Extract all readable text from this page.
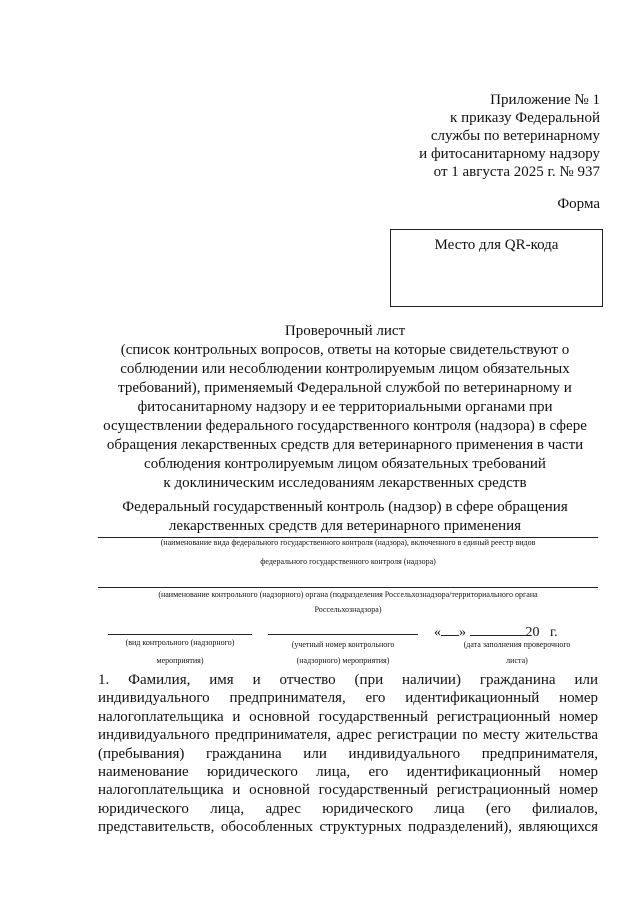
Приложение № 1
к приказу Федеральной
службы по ветеринарному
и фитосанитарному надзору
от 1 августа 2025 г. № 937
Форма
Место для QR-кода
Проверочный лист
(список контрольных вопросов, ответы на которые свидетельствуют о
соблюдении или несоблюдении контролируемым лицом обязательных
требований), применяемый Федеральной службой по ветеринарному и
фитосанитарному надзору и ее территориальными органами при
осуществлении федерального государственного контроля (надзора) в сфере
обращения лекарственных средств для ветеринарного применения в части
соблюдения контролируемым лицом обязательных требований
к доклиническим исследованиям лекарственных средств
Федеральный государственный контроль (надзор) в сфере обращения
лекарственных средств для ветеринарного применения
(наименование вида федерального государственного контроля (надзора), включенного в единый реестр видов
федерального государственного контроля (надзора)
(наименование контрольного (надзорного) органа (подразделения Россельхознадзора/территориального органа
Россельхознадзора)
(вид контрольного (надзорного)
мероприятия)
(учетный номер контрольного
(надзорного) мероприятия)
« »	20   г.
(дата заполнения проверочного
листа)
1. Фамилия, имя и отчество (при наличии) гражданина или
индивидуального предпринимателя, его идентификационный номер
налогоплательщика и основной государственный регистрационный номер
индивидуального предпринимателя, адрес регистрации по месту жительства
(пребывания) гражданина или индивидуального предпринимателя,
наименование юридического лица, его идентификационный номер
налогоплательщика и основной государственный регистрационный номер
юридического лица, адрес юридического лица (его филиалов,
представительств, обособленных структурных подразделений), являющихся
